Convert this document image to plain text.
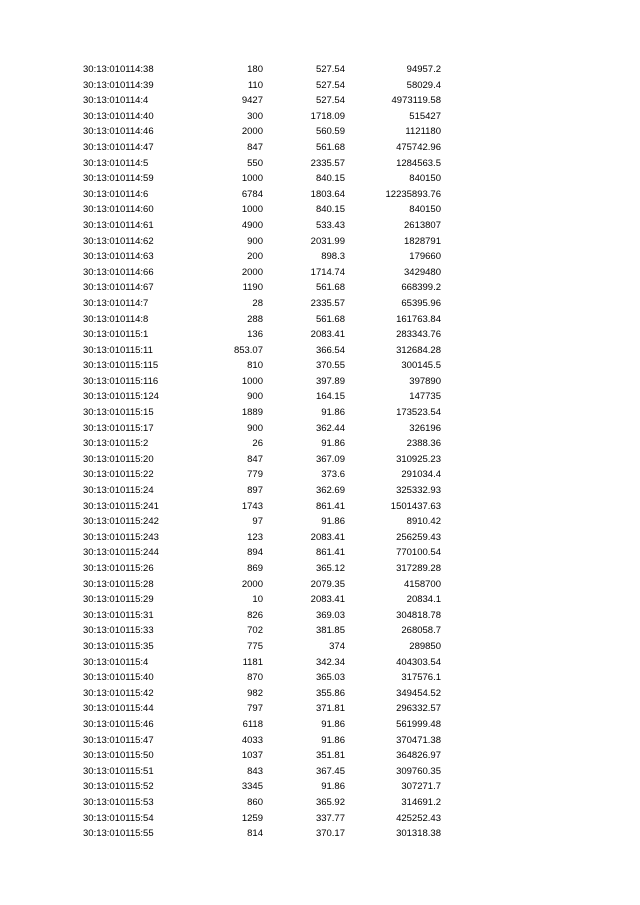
30:13:010114:38	180	527.54	94957.2
30:13:010114:39	110	527.54	58029.4
30:13:010114:4	9427	527.54	4973119.58
30:13:010114:40	300	1718.09	515427
30:13:010114:46	2000	560.59	1121180
30:13:010114:47	847	561.68	475742.96
30:13:010114:5	550	2335.57	1284563.5
30:13:010114:59	1000	840.15	840150
30:13:010114:6	6784	1803.64	12235893.76
30:13:010114:60	1000	840.15	840150
30:13:010114:61	4900	533.43	2613807
30:13:010114:62	900	2031.99	1828791
30:13:010114:63	200	898.3	179660
30:13:010114:66	2000	1714.74	3429480
30:13:010114:67	1190	561.68	668399.2
30:13:010114:7	28	2335.57	65395.96
30:13:010114:8	288	561.68	161763.84
30:13:010115:1	136	2083.41	283343.76
30:13:010115:11	853.07	366.54	312684.28
30:13:010115:115	810	370.55	300145.5
30:13:010115:116	1000	397.89	397890
30:13:010115:124	900	164.15	147735
30:13:010115:15	1889	91.86	173523.54
30:13:010115:17	900	362.44	326196
30:13:010115:2	26	91.86	2388.36
30:13:010115:20	847	367.09	310925.23
30:13:010115:22	779	373.6	291034.4
30:13:010115:24	897	362.69	325332.93
30:13:010115:241	1743	861.41	1501437.63
30:13:010115:242	97	91.86	8910.42
30:13:010115:243	123	2083.41	256259.43
30:13:010115:244	894	861.41	770100.54
30:13:010115:26	869	365.12	317289.28
30:13:010115:28	2000	2079.35	4158700
30:13:010115:29	10	2083.41	20834.1
30:13:010115:31	826	369.03	304818.78
30:13:010115:33	702	381.85	268058.7
30:13:010115:35	775	374	289850
30:13:010115:4	1181	342.34	404303.54
30:13:010115:40	870	365.03	317576.1
30:13:010115:42	982	355.86	349454.52
30:13:010115:44	797	371.81	296332.57
30:13:010115:46	6118	91.86	561999.48
30:13:010115:47	4033	91.86	370471.38
30:13:010115:50	1037	351.81	364826.97
30:13:010115:51	843	367.45	309760.35
30:13:010115:52	3345	91.86	307271.7
30:13:010115:53	860	365.92	314691.2
30:13:010115:54	1259	337.77	425252.43
30:13:010115:55	814	370.17	301318.38
